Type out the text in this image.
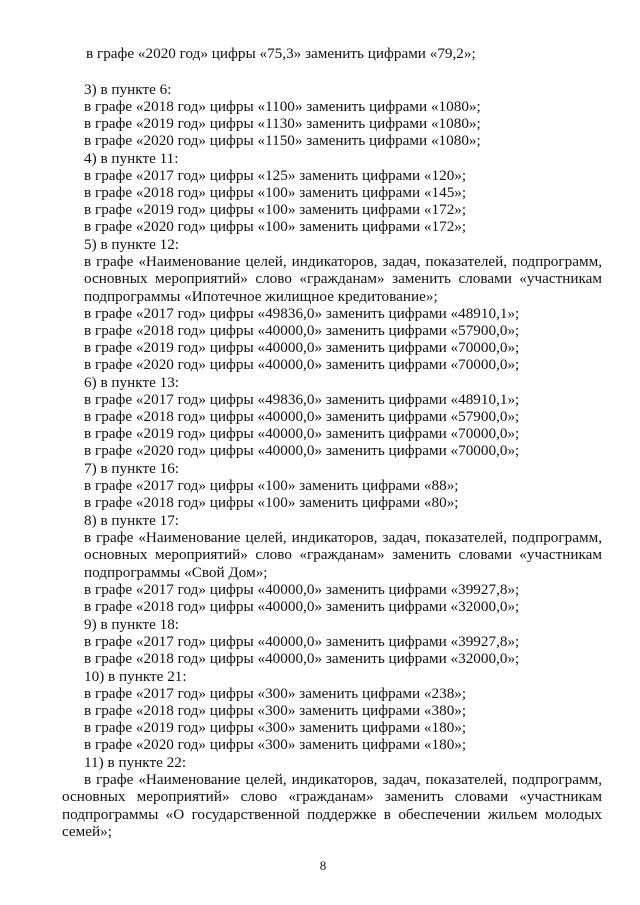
в графе «2020 год» цифры «75,3» заменить цифрами «79,2»;
3) в пункте 6:
в графе «2018 год» цифры «1100» заменить цифрами «1080»;
в графе «2019 год» цифры «1130» заменить цифрами «1080»;
в графе «2020 год» цифры «1150» заменить цифрами «1080»;
4) в пункте 11:
в графе «2017 год» цифры «125» заменить цифрами «120»;
в графе «2018 год» цифры «100» заменить цифрами «145»;
в графе «2019 год» цифры «100» заменить цифрами «172»;
в графе «2020 год» цифры «100» заменить цифрами «172»;
5) в пункте 12:
в графе «Наименование целей, индикаторов, задач, показателей, подпрограмм, основных мероприятий» слово «гражданам» заменить словами «участникам подпрограммы «Ипотечное жилищное кредитование»;
в графе «2017 год» цифры «49836,0» заменить цифрами «48910,1»;
в графе «2018 год» цифры «40000,0» заменить цифрами «57900,0»;
в графе «2019 год» цифры «40000,0» заменить цифрами «70000,0»;
в графе «2020 год» цифры «40000,0» заменить цифрами «70000,0»;
6) в пункте 13:
в графе «2017 год» цифры «49836,0» заменить цифрами «48910,1»;
в графе «2018 год» цифры «40000,0» заменить цифрами «57900,0»;
в графе «2019 год» цифры «40000,0» заменить цифрами «70000,0»;
в графе «2020 год» цифры «40000,0» заменить цифрами «70000,0»;
7) в пункте 16:
в графе «2017 год» цифры «100» заменить цифрами «88»;
в графе «2018 год» цифры «100» заменить цифрами «80»;
8) в пункте 17:
в графе «Наименование целей, индикаторов, задач, показателей, подпрограмм, основных мероприятий» слово «гражданам» заменить словами «участникам подпрограммы «Свой Дом»;
в графе «2017 год» цифры «40000,0» заменить цифрами «39927,8»;
в графе «2018 год» цифры «40000,0» заменить цифрами «32000,0»;
9) в пункте 18:
в графе «2017 год» цифры «40000,0» заменить цифрами «39927,8»;
в графе «2018 год» цифры «40000,0» заменить цифрами «32000,0»;
10) в пункте 21:
в графе «2017 год» цифры «300» заменить цифрами «238»;
в графе «2018 год» цифры «300» заменить цифрами «380»;
в графе «2019 год» цифры «300» заменить цифрами «180»;
в графе «2020 год» цифры «300» заменить цифрами «180»;
11) в пункте 22:
в графе «Наименование целей, индикаторов, задач, показателей, подпрограмм, основных мероприятий» слово «гражданам» заменить словами «участникам подпрограммы «О государственной поддержке в обеспечении жильем молодых семей»;
8
